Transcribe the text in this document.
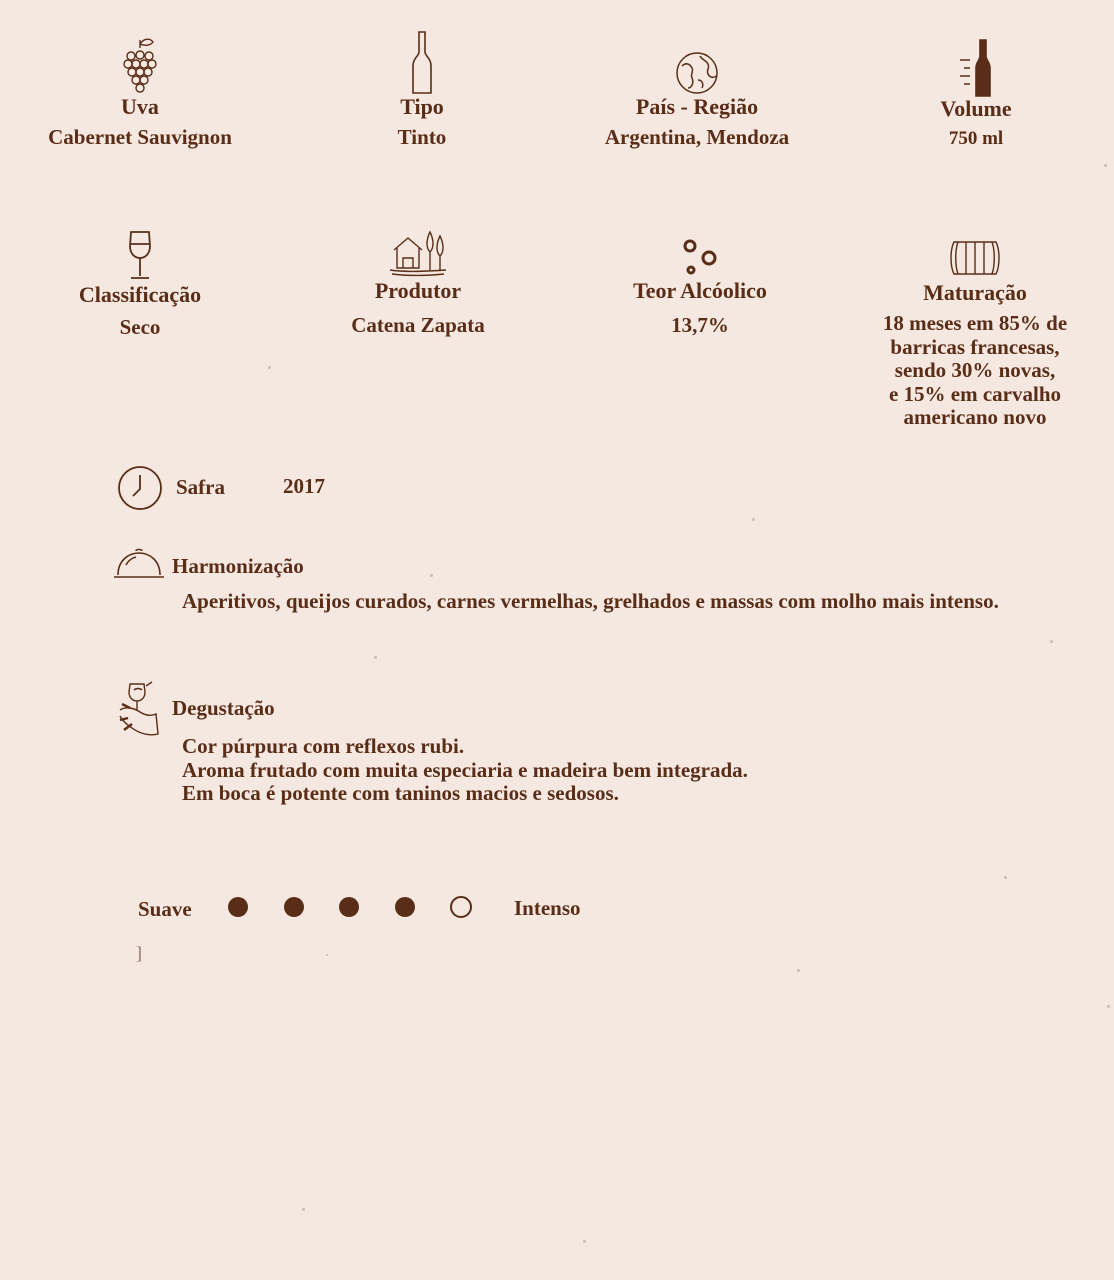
Uva
Cabernet Sauvignon
Tipo
Tinto
País - Região
Argentina, Mendoza
Volume
750 ml
Classificação
Seco
Produtor
Catena Zapata
Teor Alcóolico
13,7%
Maturação
18 meses em 85% de
barricas francesas,
sendo 30% novas,
e 15% em carvalho
americano novo
Safra	2017
Harmonização
Aperitivos, queijos curados, carnes vermelhas, grelhados e massas com molho mais intenso.
Degustação
Cor púrpura com reflexos rubi.
Aroma frutado com muita especiaria e madeira bem integrada.
Em boca é potente com taninos macios e sedosos.
Suave	Intenso
]
